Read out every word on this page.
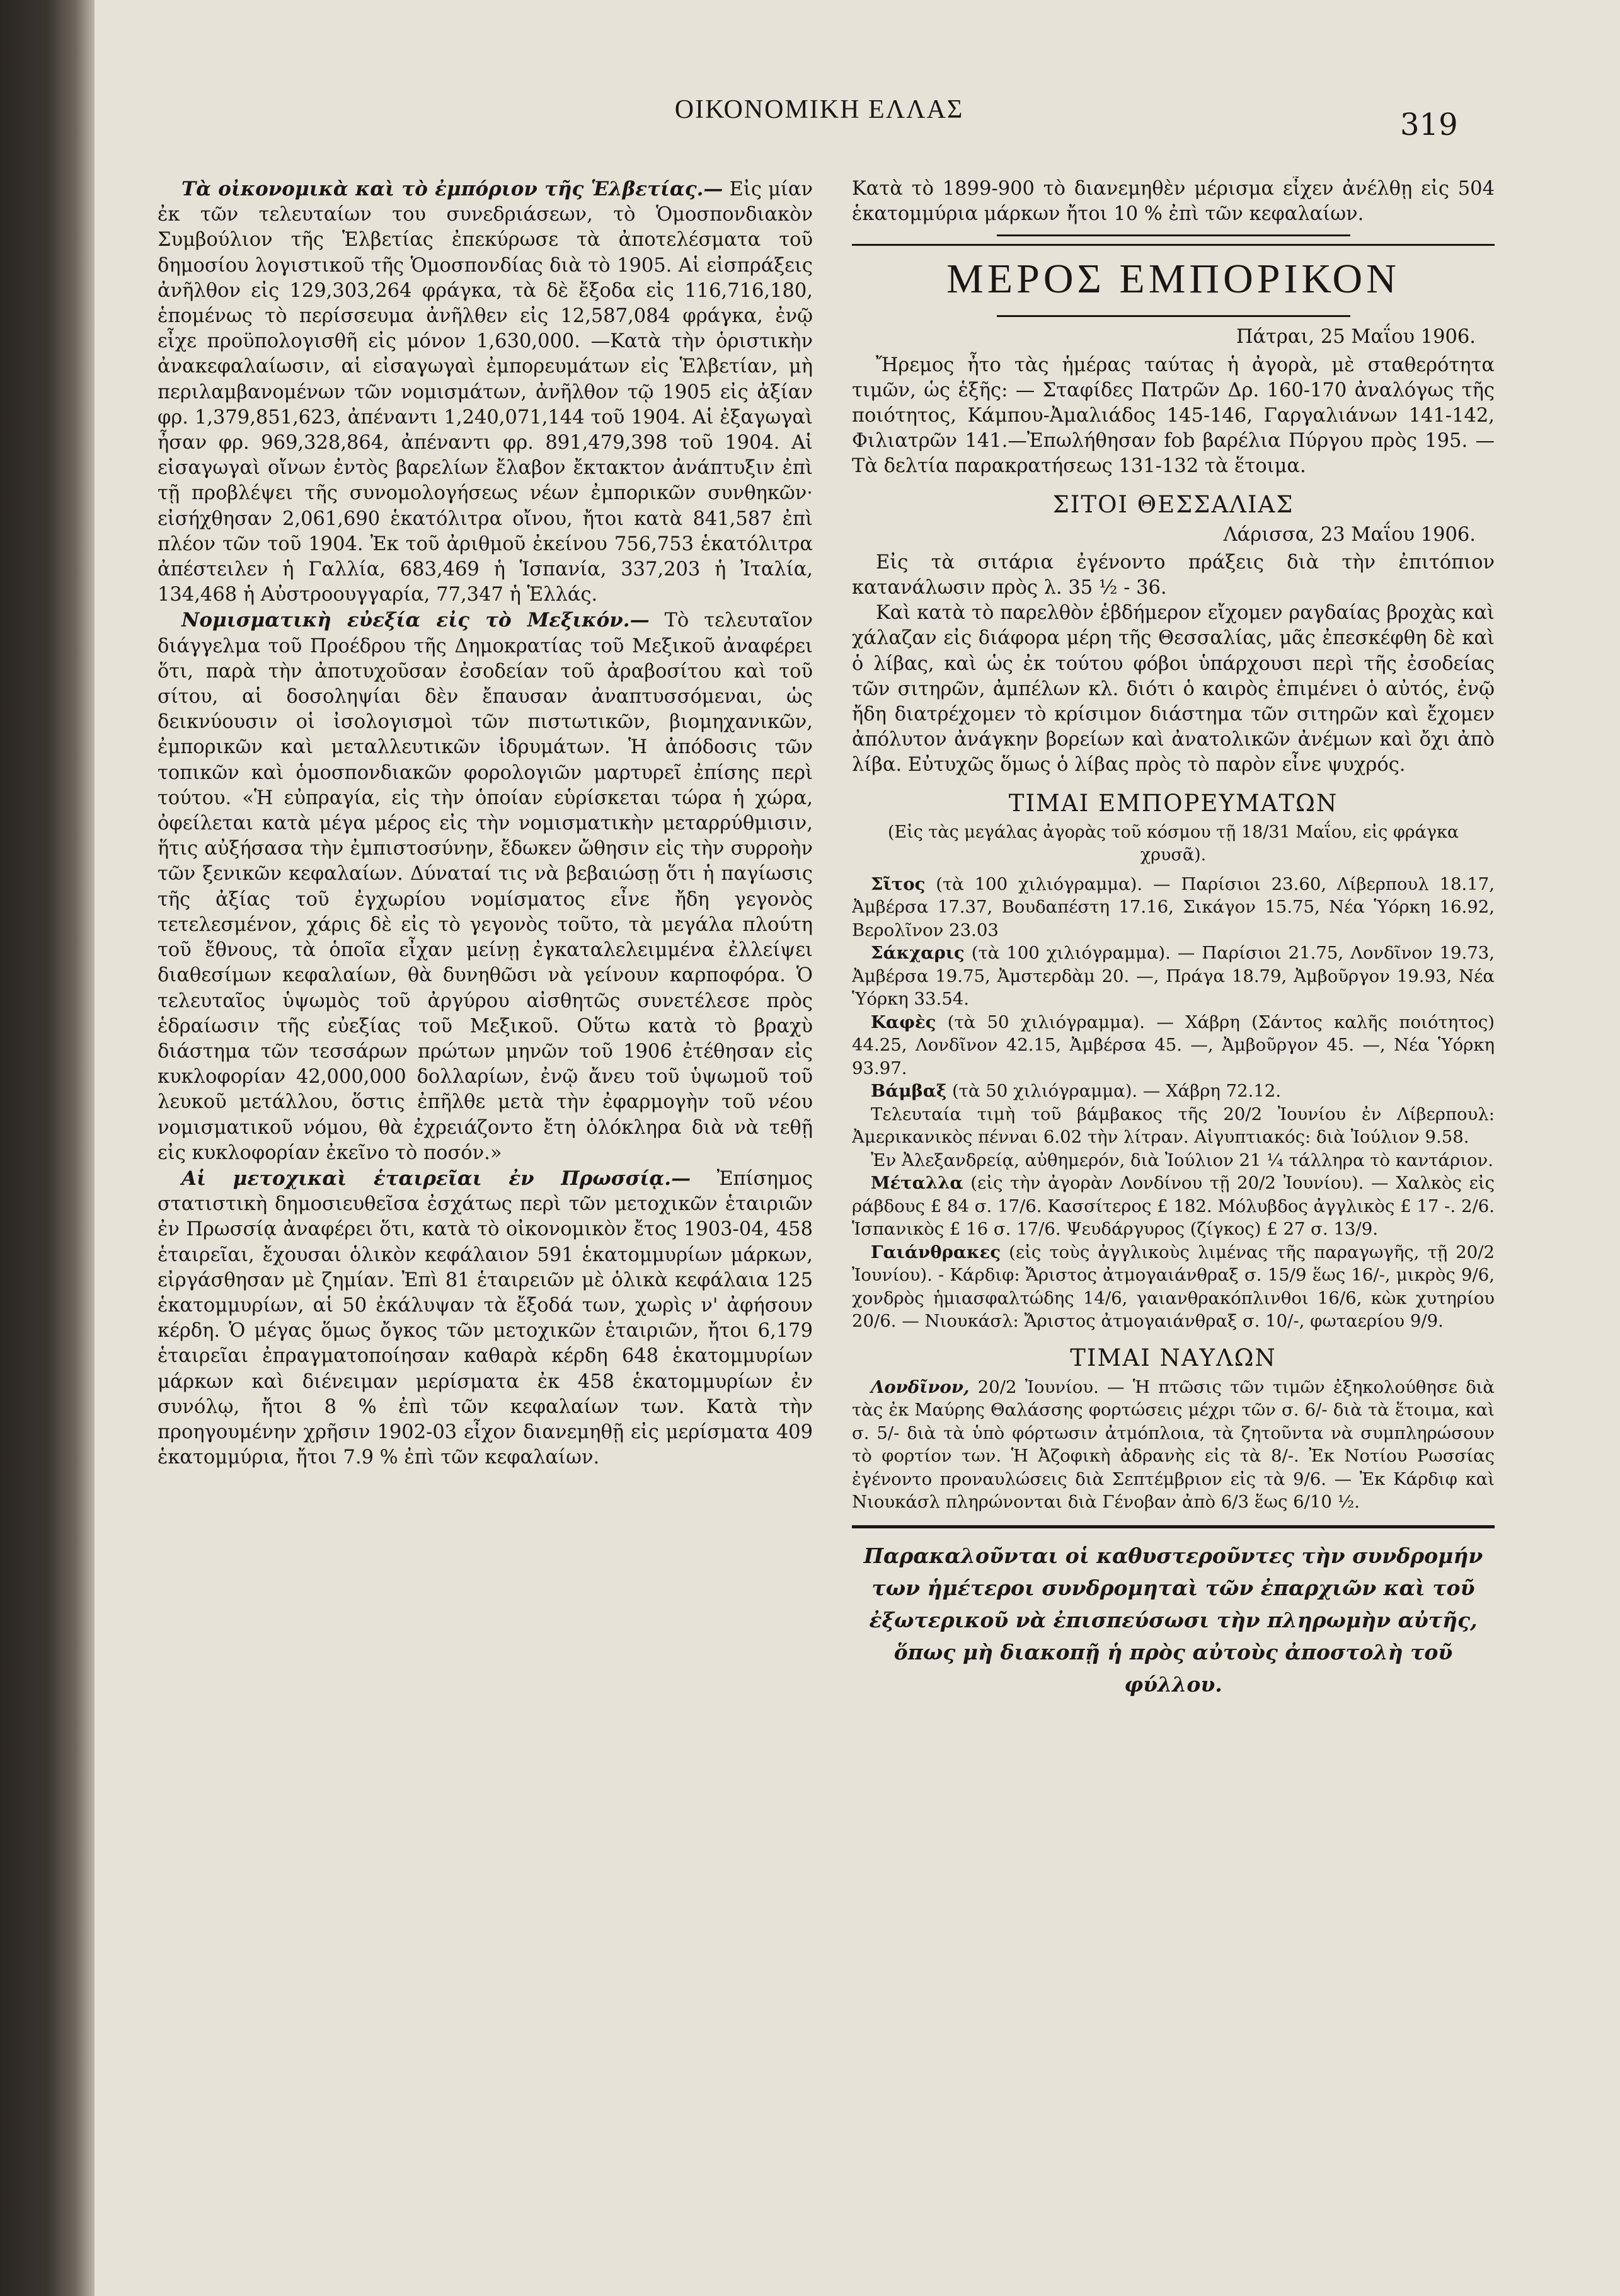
ΟΙΚΟΝΟΜΙΚΗ ΕΛΛΑΣ	319

Τὰ οἰκονομικὰ καὶ τὸ ἐμπόριον τῆς Ἑλβετίας.— Εἰς μίαν ἐκ τῶν τελευταίων του συνεδριάσεων, τὸ Ὁμοσπονδιακὸν Συμβούλιον τῆς Ἑλβετίας ἐπεκύρωσε τὰ ἀποτελέσματα τοῦ δημοσίου λογιστικοῦ τῆς Ὁμοσπονδίας διὰ τὸ 1905. Αἱ εἰσπράξεις ἀνῆλθον εἰς 129,303,264 φράγκα, τὰ δὲ ἔξοδα εἰς 116,716,180, ἑπομένως τὸ περίσσευμα ἀνῆλθεν εἰς 12,587,084 φράγκα, ἐνῷ εἶχε προϋπολογισθῆ εἰς μόνον 1,630,000. —Κατὰ τὴν ὁριστικὴν ἀνακεφαλαίωσιν, αἱ εἰσαγωγαὶ ἐμπορευμάτων εἰς Ἑλβετίαν, μὴ περιλαμβανομένων τῶν νομισμάτων, ἀνῆλθον τῷ 1905 εἰς ἀξίαν φρ. 1,379,851,623, ἀπέναντι 1,240,071,144 τοῦ 1904. Αἱ ἐξαγωγαὶ ἦσαν φρ. 969,328,864, ἀπέναντι φρ. 891,479,398 τοῦ 1904. Αἱ εἰσαγωγαὶ οἴνων ἐντὸς βαρελίων ἔλαβον ἔκτακτον ἀνάπτυξιν ἐπὶ τῇ προβλέψει τῆς συνομολογήσεως νέων ἐμπορικῶν συνθηκῶν· εἰσήχθησαν 2,061,690 ἑκατόλιτρα οἴνου, ἤτοι κατὰ 841,587 ἐπὶ πλέον τῶν τοῦ 1904. Ἐκ τοῦ ἀριθμοῦ ἐκείνου 756,753 ἑκατόλιτρα ἀπέστειλεν ἡ Γαλλία, 683,469 ἡ Ἱσπανία, 337,203 ἡ Ἰταλία, 134,468 ἡ Αὐστροουγγαρία, 77,347 ἡ Ἑλλάς.

Νομισματικὴ εὐεξία εἰς τὸ Μεξικόν.— Τὸ τελευταῖον διάγγελμα τοῦ Προέδρου τῆς Δημοκρατίας τοῦ Μεξικοῦ ἀναφέρει ὅτι, παρὰ τὴν ἀποτυχοῦσαν ἐσοδείαν τοῦ ἀραβοσίτου καὶ τοῦ σίτου, αἱ δοσοληψίαι δὲν ἔπαυσαν ἀναπτυσσόμεναι, ὡς δεικνύουσιν οἱ ἰσολογισμοὶ τῶν πιστωτικῶν, βιομηχανικῶν, ἐμπορικῶν καὶ μεταλλευτικῶν ἱδρυμάτων. Ἡ ἀπόδοσις τῶν τοπικῶν καὶ ὁμοσπονδιακῶν φορολογιῶν μαρτυρεῖ ἐπίσης περὶ τούτου. «Ἡ εὐπραγία, εἰς τὴν ὁποίαν εὑρίσκεται τώρα ἡ χώρα, ὀφείλεται κατὰ μέγα μέρος εἰς τὴν νομισματικὴν μεταρρύθμισιν, ἥτις αὐξήσασα τὴν ἐμπιστοσύνην, ἔδωκεν ὤθησιν εἰς τὴν συρροὴν τῶν ξενικῶν κεφαλαίων. Δύναταί τις νὰ βεβαιώσῃ ὅτι ἡ παγίωσις τῆς ἀξίας τοῦ ἐγχωρίου νομίσματος εἶνε ἤδη γεγονὸς τετελεσμένον, χάρις δὲ εἰς τὸ γεγονὸς τοῦτο, τὰ μεγάλα πλούτη τοῦ ἔθνους, τὰ ὁποῖα εἶχαν μείνῃ ἐγκαταλελειμμένα ἐλλείψει διαθεσίμων κεφαλαίων, θὰ δυνηθῶσι νὰ γείνουν καρποφόρα. Ὁ τελευταῖος ὑψωμὸς τοῦ ἀργύρου αἰσθητῶς συνετέλεσε πρὸς ἑδραίωσιν τῆς εὐεξίας τοῦ Μεξικοῦ. Οὕτω κατὰ τὸ βραχὺ διάστημα τῶν τεσσάρων πρώτων μηνῶν τοῦ 1906 ἐτέθησαν εἰς κυκλοφορίαν 42,000,000 δολλαρίων, ἐνῷ ἄνευ τοῦ ὑψωμοῦ τοῦ λευκοῦ μετάλλου, ὅστις ἐπῆλθε μετὰ τὴν ἐφαρμογὴν τοῦ νέου νομισματικοῦ νόμου, θὰ ἐχρειάζοντο ἔτη ὁλόκληρα διὰ νὰ τεθῇ εἰς κυκλοφορίαν ἐκεῖνο τὸ ποσόν.»

Αἱ μετοχικαὶ ἑταιρεῖαι ἐν Πρωσσίᾳ.— Ἐπίσημος στατιστικὴ δημοσιευθεῖσα ἐσχάτως περὶ τῶν μετοχικῶν ἑταιριῶν ἐν Πρωσσίᾳ ἀναφέρει ὅτι, κατὰ τὸ οἰκονομικὸν ἔτος 1903-04, 458 ἑταιρεῖαι, ἔχουσαι ὁλικὸν κεφάλαιον 591 ἑκατομμυρίων μάρκων, εἰργάσθησαν μὲ ζημίαν. Ἐπὶ 81 ἑταιρειῶν μὲ ὁλικὰ κεφάλαια 125 ἑκατομμυρίων, αἱ 50 ἐκάλυψαν τὰ ἔξοδά των, χωρὶς ν' ἀφήσουν κέρδη. Ὁ μέγας ὅμως ὄγκος τῶν μετοχικῶν ἑταιριῶν, ἤτοι 6,179 ἑταιρεῖαι ἐπραγματοποίησαν καθαρὰ κέρδη 648 ἑκατομμυρίων μάρκων καὶ διένειμαν μερίσματα ἐκ 458 ἑκατομμυρίων ἐν συνόλῳ, ἤτοι 8 % ἐπὶ τῶν κεφαλαίων των. Κατὰ τὴν προηγουμένην χρῆσιν 1902-03 εἶχον διανεμηθῇ εἰς μερίσματα 409 ἑκατομμύρια, ἤτοι 7.9 % ἐπὶ τῶν κεφαλαίων.

Κατὰ τὸ 1899-900 τὸ διανεμηθὲν μέρισμα εἶχεν ἀνέλθῃ εἰς 504 ἑκατομμύρια μάρκων ἤτοι 10 % ἐπὶ τῶν κεφαλαίων.

ΜΕΡΟΣ ΕΜΠΟΡΙΚΟΝ
Πάτραι, 25 Μαΐου 1906.

Ἤρεμος ἦτο τὰς ἡμέρας ταύτας ἡ ἀγορὰ, μὲ σταθερότητα τιμῶν, ὡς ἑξῆς: — Σταφίδες Πατρῶν Δρ. 160-170 ἀναλόγως τῆς ποιότητος, Κάμπου-Ἀμαλιάδος 145-146, Γαργαλιάνων 141-142, Φιλιατρῶν 141.—Ἐπωλήθησαν fob βαρέλια Πύργου πρὸς 195. — Τὰ δελτία παρακρατήσεως 131-132 τὰ ἕτοιμα.

ΣΙΤΟΙ ΘΕΣΣΑΛΙΑΣ
Λάρισσα, 23 Μαΐου 1906.

Εἰς τὰ σιτάρια ἐγένοντο πράξεις διὰ τὴν ἐπιτόπιον κατανάλωσιν πρὸς λ. 35 ½ - 36.

Καὶ κατὰ τὸ παρελθὸν ἑβδήμερον εἴχομεν ραγδαίας βροχὰς καὶ χάλαζαν εἰς διάφορα μέρη τῆς Θεσσαλίας, μᾶς ἐπεσκέφθη δὲ καὶ ὁ λίβας, καὶ ὡς ἐκ τούτου φόβοι ὑπάρχουσι περὶ τῆς ἐσοδείας τῶν σιτηρῶν, ἀμπέλων κλ. διότι ὁ καιρὸς ἐπιμένει ὁ αὐτός, ἐνῷ ἤδη διατρέχομεν τὸ κρίσιμον διάστημα τῶν σιτηρῶν καὶ ἔχομεν ἀπόλυτον ἀνάγκην βορείων καὶ ἀνατολικῶν ἀνέμων καὶ ὄχι ἀπὸ λίβα. Εὐτυχῶς ὅμως ὁ λίβας πρὸς τὸ παρὸν εἶνε ψυχρός.

ΤΙΜΑΙ ΕΜΠΟΡΕΥΜΑΤΩΝ
(Εἰς τὰς μεγάλας ἀγορὰς τοῦ κόσμου τῇ 18/31 Μαΐου, εἰς φράγκα χρυσᾶ).

Σῖτος (τὰ 100 χιλιόγραμμα). — Παρίσιοι 23.60, Λίβερπουλ 18.17, Ἀμβέρσα 17.37, Βουδαπέστη 17.16, Σικάγον 15.75, Νέα Ὑόρκη 16.92, Βερολῖνον 23.03

Σάκχαρις (τὰ 100 χιλιόγραμμα). — Παρίσιοι 21.75, Λονδῖνον 19.73, Ἀμβέρσα 19.75, Ἀμστερδὰμ 20. —, Πράγα 18.79, Ἀμβοῦργον 19.93, Νέα Ὑόρκη 33.54.

Καφὲς (τὰ 50 χιλιόγραμμα). — Χάβρη (Σάντος καλῆς ποιότητος) 44.25, Λονδῖνον 42.15, Ἀμβέρσα 45. —, Ἀμβοῦργον 45. —, Νέα Ὑόρκη 93.97.

Βάμβαξ (τὰ 50 χιλιόγραμμα). — Χάβρη 72.12.

Τελευταία τιμὴ τοῦ βάμβακος τῆς 20/2 Ἰουνίου ἐν Λίβερπουλ: Ἀμερικανικὸς πένναι 6.02 τὴν λίτραν. Αἰγυπτιακός: διὰ Ἰούλιον 9.58.

Ἐν Ἀλεξανδρείᾳ, αὐθημερόν, διὰ Ἰούλιον 21 ¼ τάλληρα τὸ καντάριον.

Μέταλλα (εἰς τὴν ἀγορὰν Λονδίνου τῇ 20/2 Ἰουνίου). — Χαλκὸς εἰς ράβδους £ 84 σ. 17/6. Κασσίτερος £ 182. Μόλυβδος ἀγγλικὸς £ 17 -. 2/6. Ἱσπανικὸς £ 16 σ. 17/6. Ψευδάργυρος (ζίγκος) £ 27 σ. 13/9.

Γαιάνθρακες (εἰς τοὺς ἀγγλικοὺς λιμένας τῆς παραγωγῆς, τῇ 20/2 Ἰουνίου). - Κάρδιφ: Ἄριστος ἀτμογαιάνθραξ σ. 15/9 ἕως 16/-, μικρὸς 9/6, χονδρὸς ἡμιασφαλτώδης 14/6, γαιανθρακόπλινθοι 16/6, κὼκ χυτηρίου 20/6. — Νιουκάσλ: Ἄριστος ἀτμογαιάνθραξ σ. 10/-, φωταερίου 9/9.

ΤΙΜΑΙ ΝΑΥΛΩΝ

Λονδῖνον, 20/2 Ἰουνίου. — Ἡ πτῶσις τῶν τιμῶν ἐξηκολούθησε διὰ τὰς ἐκ Μαύρης Θαλάσσης φορτώσεις μέχρι τῶν σ. 6/- διὰ τὰ ἕτοιμα, καὶ σ. 5/- διὰ τὰ ὑπὸ φόρτωσιν ἀτμόπλοια, τὰ ζητοῦντα νὰ συμπληρώσουν τὸ φορτίον των. Ἡ Ἀζοφικὴ ἀδρανὴς εἰς τὰ 8/-. Ἐκ Νοτίου Ρωσσίας ἐγένοντο προναυλώσεις διὰ Σεπτέμβριον εἰς τὰ 9/6. — Ἐκ Κάρδιφ καὶ Νιουκάσλ πληρώνονται διὰ Γένοβαν ἀπὸ 6/3 ἕως 6/10 ½.

Παρακαλοῦνται οἱ καθυστεροῦντες τὴν συνδρομήν των ἡμέτεροι συνδρομηταὶ τῶν ἐπαρχιῶν καὶ τοῦ ἐξωτερικοῦ νὰ ἐπισπεύσωσι τὴν πληρωμὴν αὐτῆς, ὅπως μὴ διακοπῇ ἡ πρὸς αὐτοὺς ἀποστολὴ τοῦ φύλλου.
